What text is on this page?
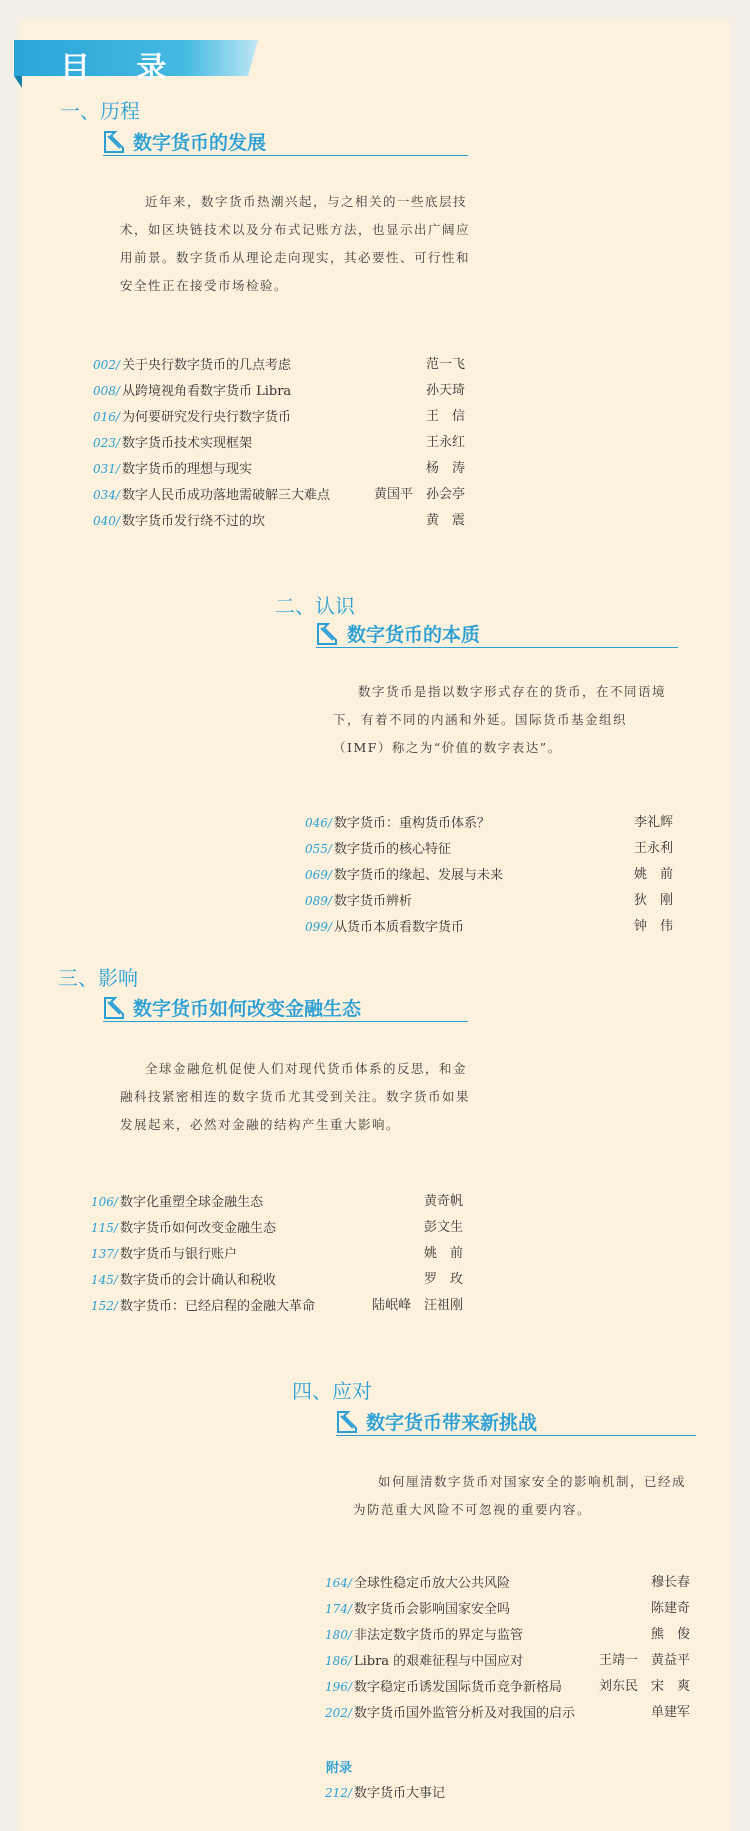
目 录
一、历程
数字货币的发展
近年来，数字货币热潮兴起，与之相关的一些底层技术，如区块链技术以及分布式记账方法，也显示出广阔应用前景。数字货币从理论走向现实，其必要性、可行性和安全性正在接受市场检验。
002/ 关于央行数字货币的几点考虑	范一飞
008/ 从跨境视角看数字货币 Libra	孙天琦
016/ 为何要研究发行央行数字货币	王　信
023/ 数字货币技术实现框架	王永红
031/ 数字货币的理想与现实	杨　涛
034/ 数字人民币成功落地需破解三大难点	黄国平　孙会亭
040/ 数字货币发行绕不过的坎	黄　震
二、认识
数字货币的本质
数字货币是指以数字形式存在的货币，在不同语境下，有着不同的内涵和外延。国际货币基金组织（IMF）称之为“价值的数字表达”。
046/ 数字货币：重构货币体系？	李礼辉
055/ 数字货币的核心特征	王永利
069/ 数字货币的缘起、发展与未来	姚　前
089/ 数字货币辨析	狄　刚
099/ 从货币本质看数字货币	钟　伟
三、影响
数字货币如何改变金融生态
全球金融危机促使人们对现代货币体系的反思，和金融科技紧密相连的数字货币尤其受到关注。数字货币如果发展起来，必然对金融的结构产生重大影响。
106/ 数字化重塑全球金融生态	黄奇帆
115/ 数字货币如何改变金融生态	彭文生
137/ 数字货币与银行账户	姚　前
145/ 数字货币的会计确认和税收	罗　玫
152/ 数字货币：已经启程的金融大革命	陆岷峰　汪祖刚
四、应对
数字货币带来新挑战
如何厘清数字货币对国家安全的影响机制，已经成为防范重大风险不可忽视的重要内容。
164/ 全球性稳定币放大公共风险	穆长春
174/ 数字货币会影响国家安全吗	陈建奇
180/ 非法定数字货币的界定与监管	熊　俊
186/ Libra 的艰难征程与中国应对	王靖一　黄益平
196/ 数字稳定币诱发国际货币竞争新格局	刘东民　宋　爽
202/ 数字货币国外监管分析及对我国的启示	单建军
附录
212/ 数字货币大事记
